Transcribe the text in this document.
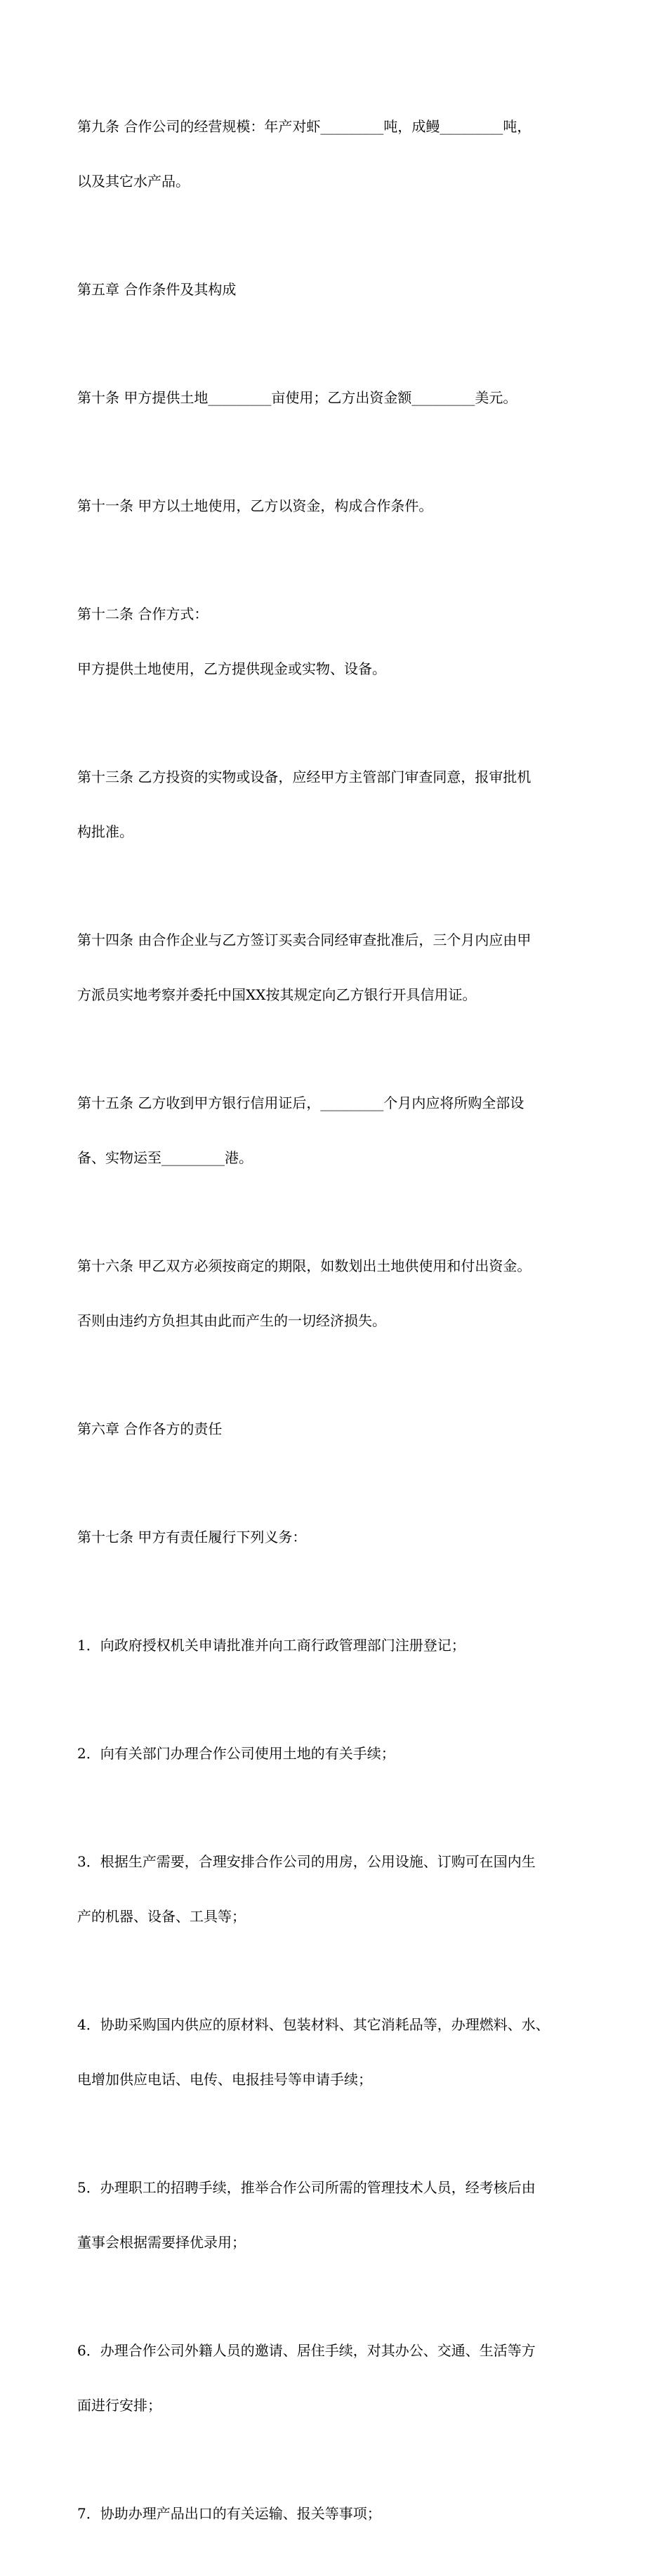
第九条 合作公司的经营规模：年产对虾_________吨，成鳗_________吨，

以及其它水产品。

第五章 合作条件及其构成

第十条 甲方提供土地_________亩使用；乙方出资金额_________美元。

第十一条 甲方以土地使用，乙方以资金，构成合作条件。

第十二条 合作方式：

甲方提供土地使用，乙方提供现金或实物、设备。

第十三条 乙方投资的实物或设备，应经甲方主管部门审查同意，报审批机

构批准。

第十四条 由合作企业与乙方签订买卖合同经审查批准后，三个月内应由甲

方派员实地考察并委托中国XX按其规定向乙方银行开具信用证。

第十五条 乙方收到甲方银行信用证后，_________个月内应将所购全部设

备、实物运至_________港。

第十六条 甲乙双方必须按商定的期限，如数划出土地供使用和付出资金。

否则由违约方负担其由此而产生的一切经济损失。

第六章 合作各方的责任

第十七条 甲方有责任履行下列义务：

1．向政府授权机关申请批准并向工商行政管理部门注册登记；

2．向有关部门办理合作公司使用土地的有关手续；

3．根据生产需要，合理安排合作公司的用房，公用设施、订购可在国内生

产的机器、设备、工具等；

4．协助采购国内供应的原材料、包装材料、其它消耗品等，办理燃料、水、

电增加供应电话、电传、电报挂号等申请手续；

5．办理职工的招聘手续，推举合作公司所需的管理技术人员，经考核后由

董事会根据需要择优录用；

6．办理合作公司外籍人员的邀请、居住手续，对其办公、交通、生活等方

面进行安排；

7．协助办理产品出口的有关运输、报关等事项；
